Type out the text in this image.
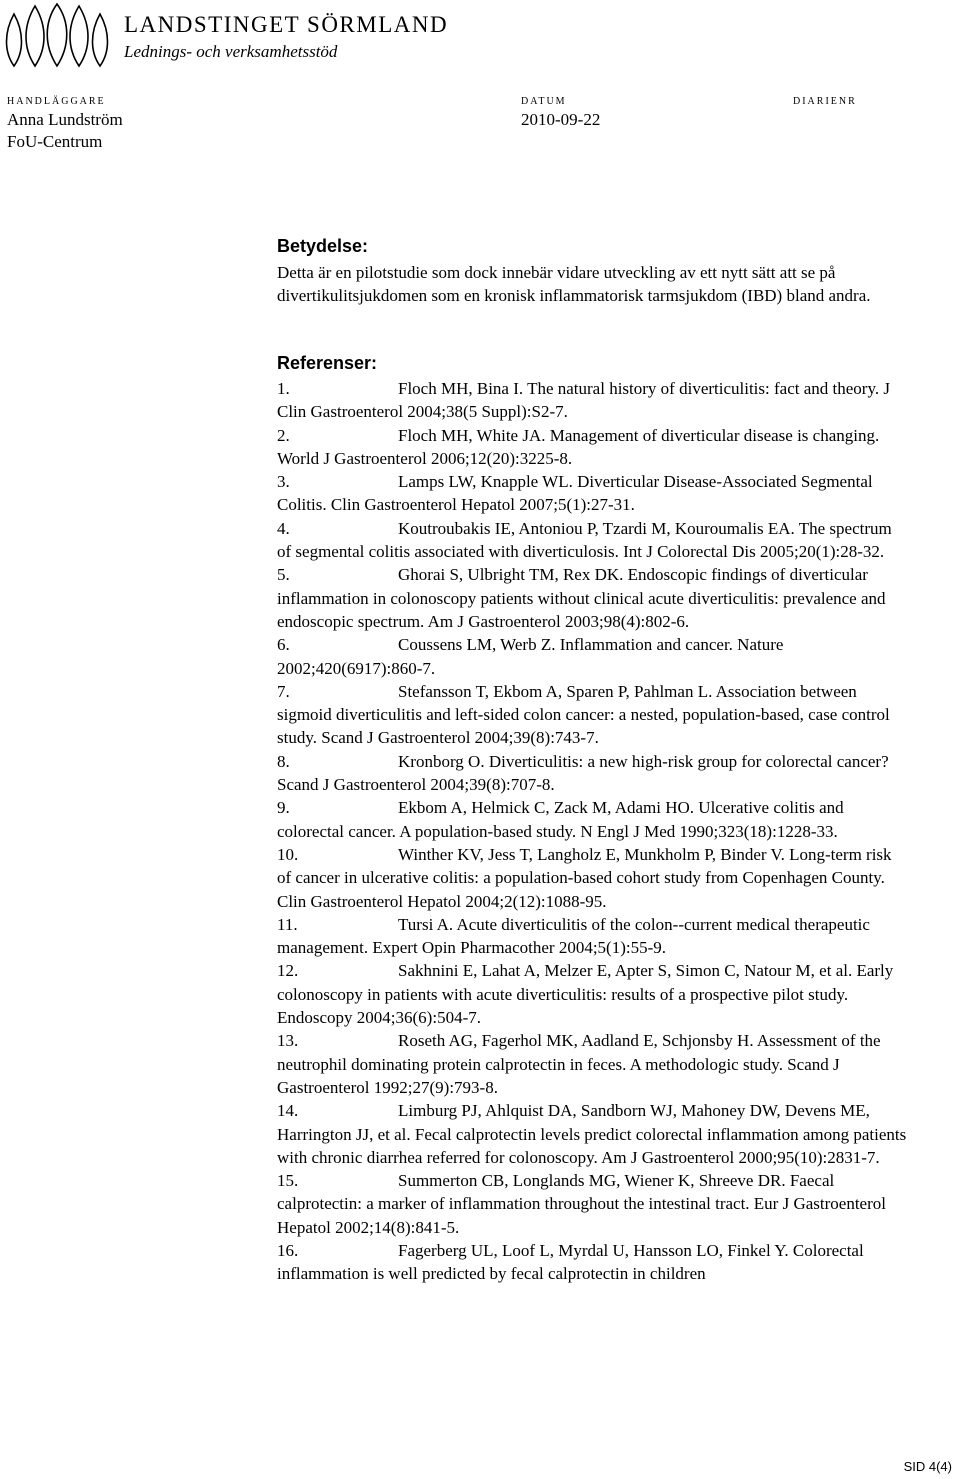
LANDSTINGET SÖRMLAND

Lednings- och verksamhetsstöd

HANDLÄGGARE
Anna Lundström
FoU-Centrum
DATUM
2010-09-22
DIARIENR
Betydelse:

Detta är en pilotstudie som dock innebär vidare utveckling av ett nytt sätt att se på divertikulitsjukdomen som en kronisk inflammatorisk tarmsjukdom (IBD) bland andra.

Referenser:

1.	Floch MH, Bina I. The natural history of diverticulitis: fact and theory. J Clin Gastroenterol 2004;38(5 Suppl):S2-7.

2.	Floch MH, White JA. Management of diverticular disease is changing. World J Gastroenterol 2006;12(20):3225-8.

3.	Lamps LW, Knapple WL. Diverticular Disease-Associated Segmental Colitis. Clin Gastroenterol Hepatol 2007;5(1):27-31.

4.	Koutroubakis IE, Antoniou P, Tzardi M, Kouroumalis EA. The spectrum of segmental colitis associated with diverticulosis. Int J Colorectal Dis 2005;20(1):28-32.

5.	Ghorai S, Ulbright TM, Rex DK. Endoscopic findings of diverticular inflammation in colonoscopy patients without clinical acute diverticulitis: prevalence and endoscopic spectrum. Am J Gastroenterol 2003;98(4):802-6.

6.	Coussens LM, Werb Z. Inflammation and cancer. Nature 2002;420(6917):860-7.

7.	Stefansson T, Ekbom A, Sparen P, Pahlman L. Association between sigmoid diverticulitis and left-sided colon cancer: a nested, population-based, case control study. Scand J Gastroenterol 2004;39(8):743-7.

8.	Kronborg O. Diverticulitis: a new high-risk group for colorectal cancer? Scand J Gastroenterol 2004;39(8):707-8.

9.	Ekbom A, Helmick C, Zack M, Adami HO. Ulcerative colitis and colorectal cancer. A population-based study. N Engl J Med 1990;323(18):1228-33.

10.	Winther KV, Jess T, Langholz E, Munkholm P, Binder V. Long-term risk of cancer in ulcerative colitis: a population-based cohort study from Copenhagen County. Clin Gastroenterol Hepatol 2004;2(12):1088-95.

11.	Tursi A. Acute diverticulitis of the colon--current medical therapeutic management. Expert Opin Pharmacother 2004;5(1):55-9.

12.	Sakhnini E, Lahat A, Melzer E, Apter S, Simon C, Natour M, et al. Early colonoscopy in patients with acute diverticulitis: results of a prospective pilot study. Endoscopy 2004;36(6):504-7.

13.	Roseth AG, Fagerhol MK, Aadland E, Schjonsby H. Assessment of the neutrophil dominating protein calprotectin in feces. A methodologic study. Scand J Gastroenterol 1992;27(9):793-8.

14.	Limburg PJ, Ahlquist DA, Sandborn WJ, Mahoney DW, Devens ME, Harrington JJ, et al. Fecal calprotectin levels predict colorectal inflammation among patients with chronic diarrhea referred for colonoscopy. Am J Gastroenterol 2000;95(10):2831-7.

15.	Summerton CB, Longlands MG, Wiener K, Shreeve DR. Faecal calprotectin: a marker of inflammation throughout the intestinal tract. Eur J Gastroenterol Hepatol 2002;14(8):841-5.

16.	Fagerberg UL, Loof L, Myrdal U, Hansson LO, Finkel Y. Colorectal inflammation is well predicted by fecal calprotectin in children

SID 4(4)
